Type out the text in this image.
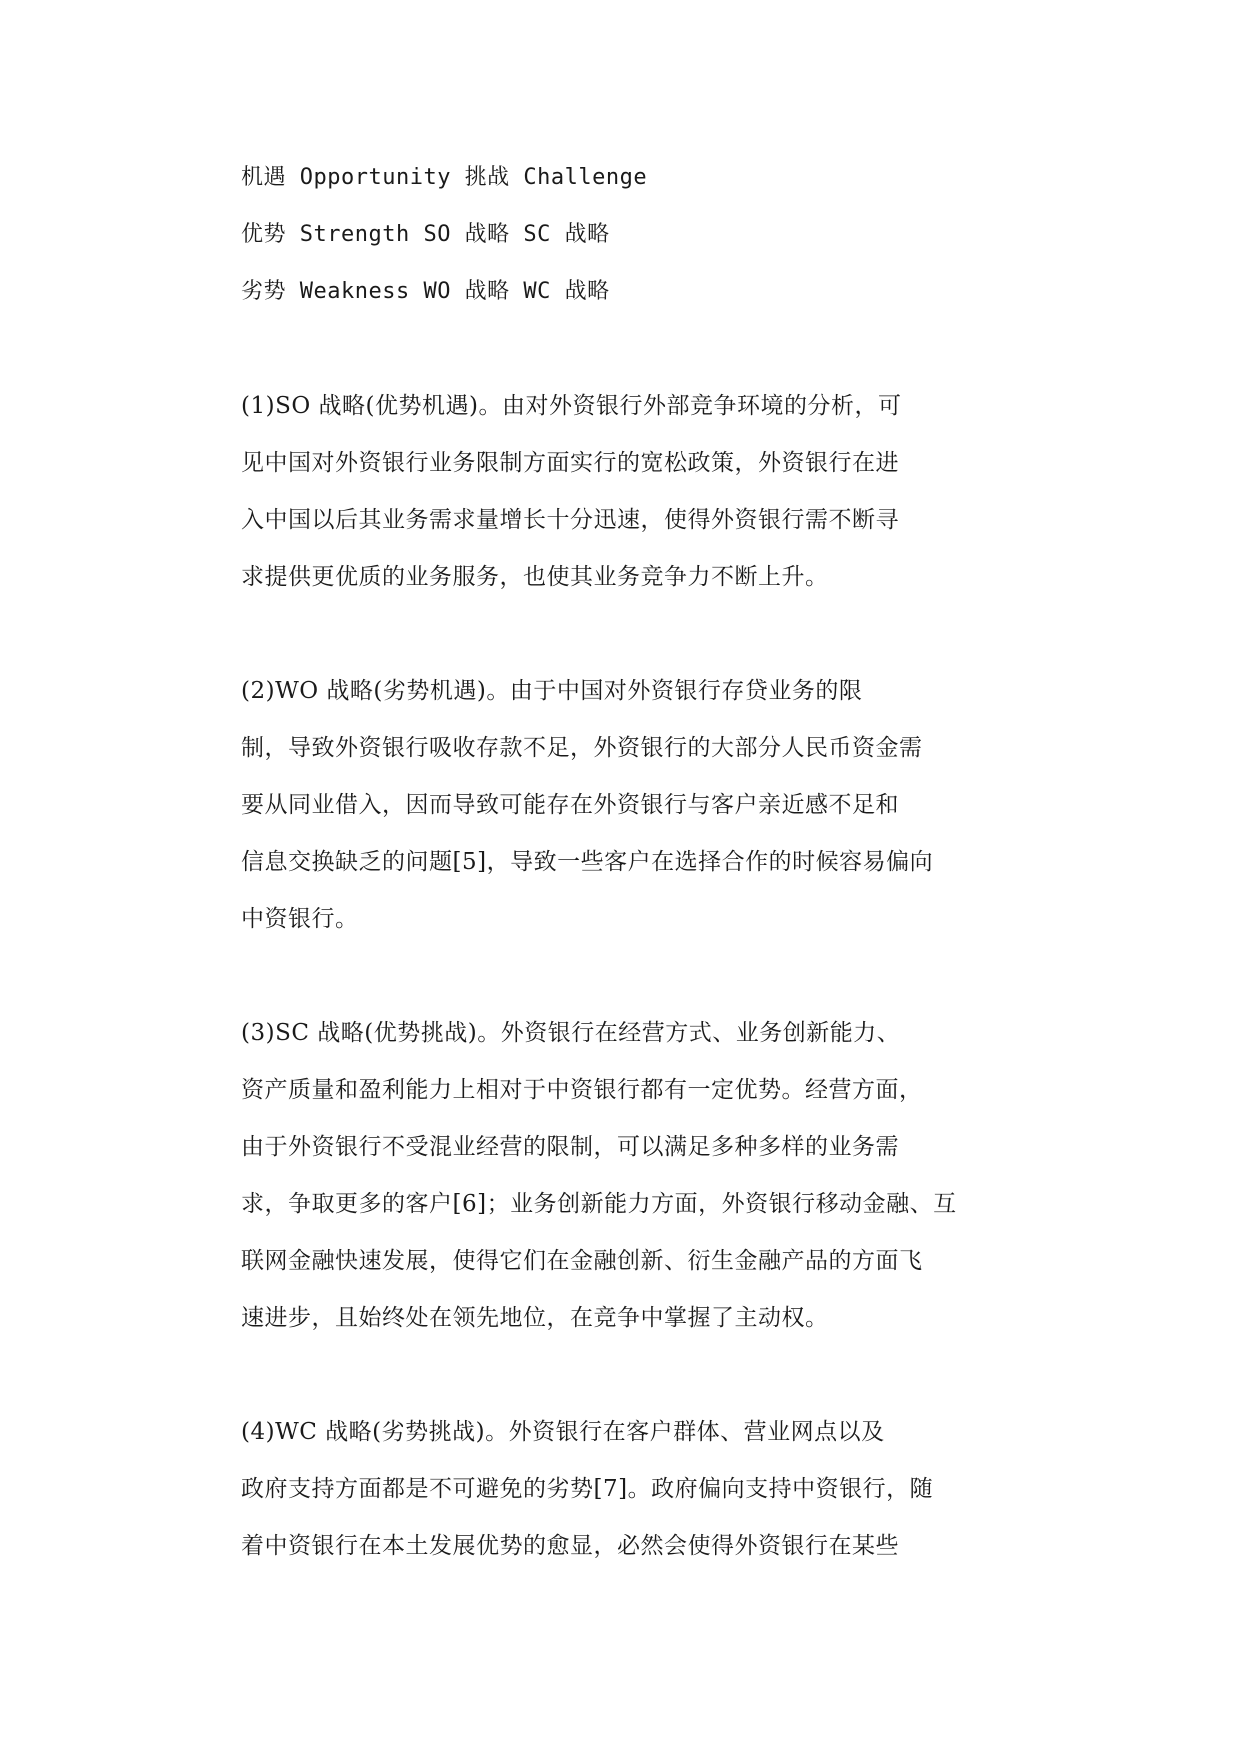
机遇 Opportunity 挑战 Challenge
优势 Strength SO 战略 SC 战略
劣势 Weakness WO 战略 WC 战略
(1)SO 战略(优势机遇)。由对外资银行外部竞争环境的分析，可
见中国对外资银行业务限制方面实行的宽松政策，外资银行在进
入中国以后其业务需求量增长十分迅速，使得外资银行需不断寻
求提供更优质的业务服务，也使其业务竞争力不断上升。
(2)WO 战略(劣势机遇)。由于中国对外资银行存贷业务的限
制，导致外资银行吸收存款不足，外资银行的大部分人民币资金需
要从同业借入，因而导致可能存在外资银行与客户亲近感不足和
信息交换缺乏的问题[5]，导致一些客户在选择合作的时候容易偏向
中资银行。
(3)SC 战略(优势挑战)。外资银行在经营方式、业务创新能力、
资产质量和盈利能力上相对于中资银行都有一定优势。经营方面，
由于外资银行不受混业经营的限制，可以满足多种多样的业务需
求，争取更多的客户[6]；业务创新能力方面，外资银行移动金融、互
联网金融快速发展，使得它们在金融创新、衍生金融产品的方面飞
速进步，且始终处在领先地位，在竞争中掌握了主动权。
(4)WC 战略(劣势挑战)。外资银行在客户群体、营业网点以及
政府支持方面都是不可避免的劣势[7]。政府偏向支持中资银行，随
着中资银行在本土发展优势的愈显，必然会使得外资银行在某些
